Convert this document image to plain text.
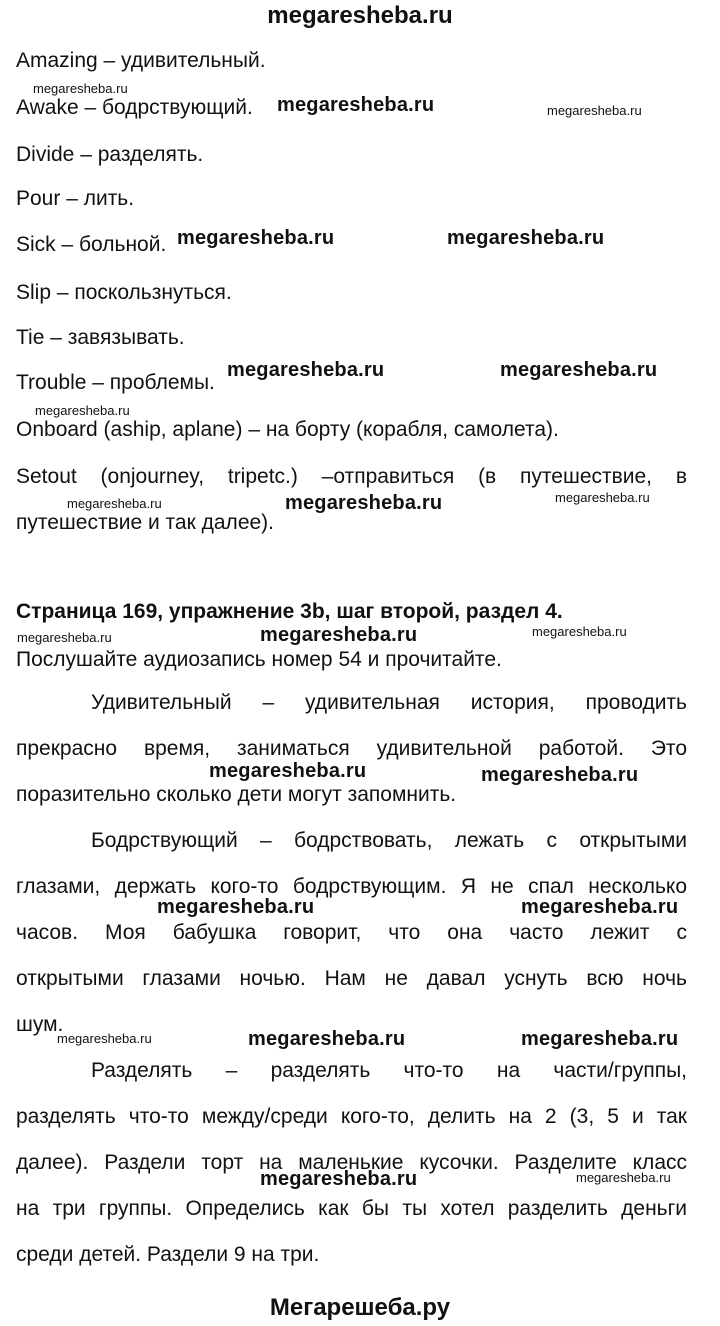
megaresheba.ru
Мегарешеба.ру
Amazing – удивительный.
Awake – бодрствующий.
Divide – разделять.
Pour – лить.
Sick – больной.
Slip – поскользнуться.
Tie – завязывать.
Trouble – проблемы.
Onboard (aship, aplane) – на борту (корабля, самолета).
Setout (onjourney, tripetc.) –отправиться (в путешествие, в
путешествие и так далее).
Страница 169, упражнение 3b, шаг второй, раздел 4.
Послушайте аудиозапись номер 54 и прочитайте.
Удивительный – удивительная история, проводить
прекрасно время, заниматься удивительной работой. Это
поразительно сколько дети могут запомнить.
Бодрствующий – бодрствовать, лежать с открытыми
глазами, держать кого-то бодрствующим. Я не спал несколько
часов. Моя бабушка говорит, что она часто лежит с
открытыми глазами ночью. Нам не давал уснуть всю ночь
шум.
Разделять – разделять что-то на части/группы,
разделять что-то между/среди кого-то, делить на 2 (3, 5 и так
далее). Раздели торт на маленькие кусочки. Разделите класс
на три группы. Определись как бы ты хотел разделить деньги
среди детей. Раздели 9 на три.
megaresheba.ru
megaresheba.ru
megaresheba.ru
megaresheba.ru	megaresheba.ru
megaresheba.ru	megaresheba.ru
megaresheba.ru
megaresheba.ru
megaresheba.ru
megaresheba.ru	megaresheba.ru
megaresheba.ru	megaresheba.ru
megaresheba.ru
megaresheba.ru
megaresheba.ru	megaresheba.ru
megaresheba.ru	megaresheba.ru
megaresheba.ru	megaresheba.ru
megaresheba.ru
